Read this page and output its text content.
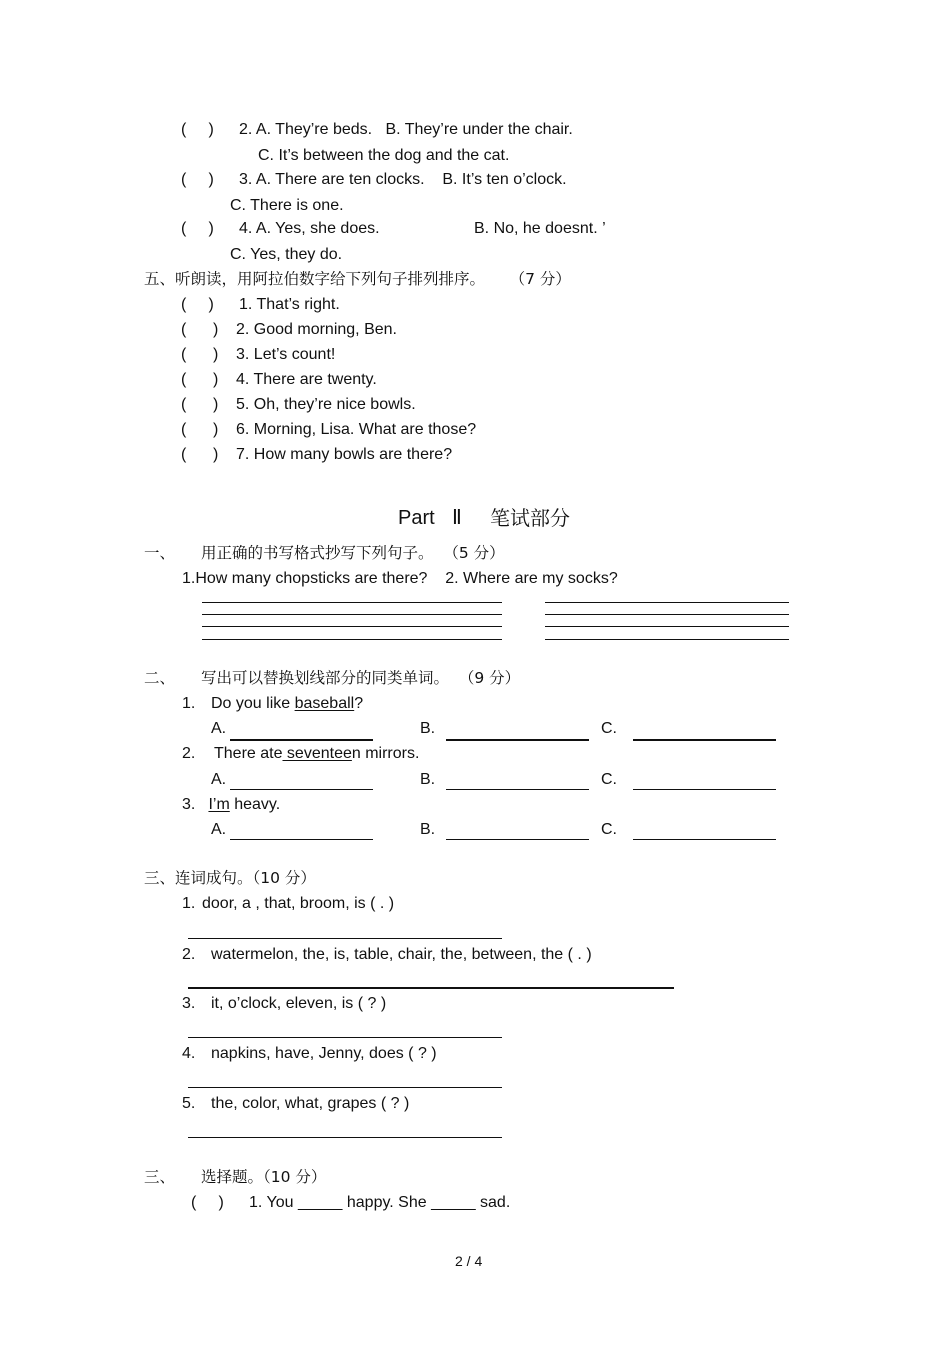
(     ) 2. A. They’re beds.   B. They’re under the chair.
C. It’s between the dog and the cat.
(     ) 3. A. There are ten clocks.    B. It’s ten o’clock.
C. There is one.
(     ) 4. A. Yes, she does.	B. No, he doesnt. ’
C. Yes, they do.
五、听朗读，用阿拉伯数字给下列句子排列排序。     （7 分）
(     ) 1. That’s right.
(      ) 2. Good morning, Ben.
(      ) 3. Let’s count!
(      ) 4. There are twenty.
(      ) 5. Oh, they’re nice bowls.
(      ) 6. Morning, Lisa. What are those?
(      ) 7. How many bowls are there?
Part Ⅱ 笔试部分
一、 用正确的书写格式抄写下列句子。  （5 分）
1.How many chopsticks are there?    2. Where are my socks?
二、 写出可以替换划线部分的同类单词。  （9 分）
1. Do you like baseball?
A.	B.	C.
2. There ate seventeen mirrors.
A.	B.	C.
3. I’m heavy.
A.	B.	C.
三、连词成句。（10 分）
1. door, a , that, broom, is ( . )
2. watermelon, the, is, table, chair, the, between, the ( . )
3. it, o’clock, eleven, is ( ? )
4. napkins, have, Jenny, does ( ? )
5. the, color, what, grapes ( ? )
三、 选择题。（10 分）
(     ) 1. You _____ happy. She _____ sad.
2 / 4
